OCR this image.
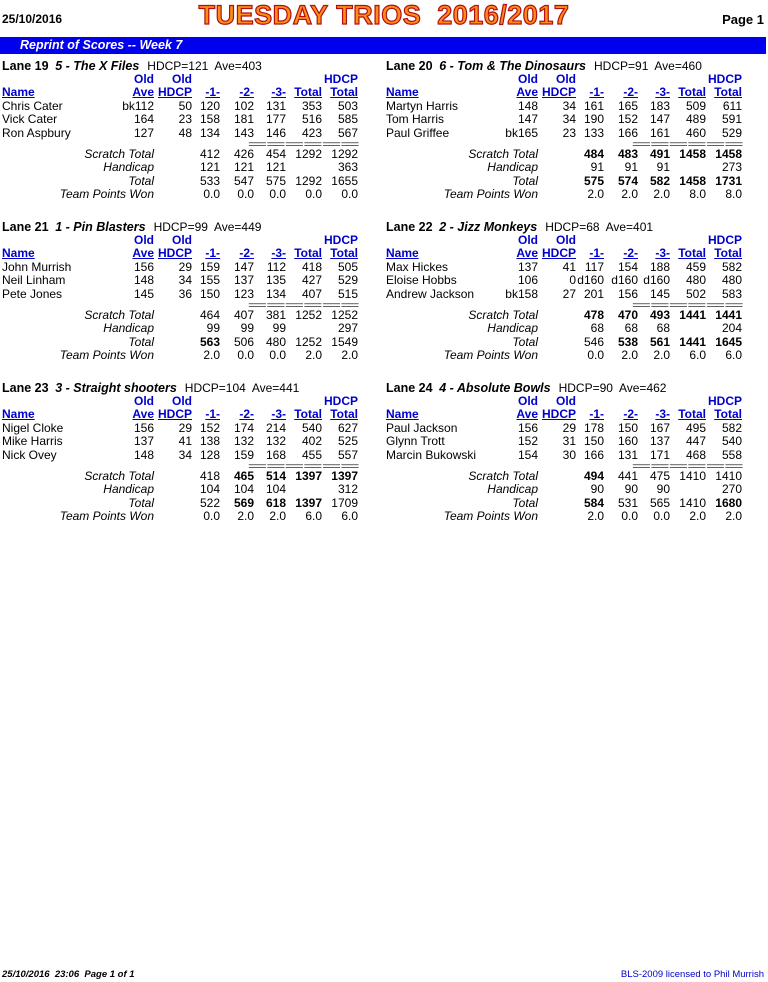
25/10/2016	TUESDAY TRIOS  2016/2017	Page 1
Reprint of Scores -- Week 7
Lane 19 5 - The X Files HDCP=121 Ave=403
	Old	Old					HDCP
Name	Ave	HDCP	-1-	-2-	-3-	Total	Total
Chris Cater	bk112	50	120	102	131	353	503
Vick Cater	164	23	158	181	177	516	585
Ron Aspbury	127	48	134	143	146	423	567
			==== ==== ==== ==== ==== ====				
Scratch Total			412	426	454	1292	1292
Handicap			121	121	121		363
Total			533	547	575	1292	1655
Team Points Won			0.0	0.0	0.0	0.0	0.0
Lane 20 6 - Tom & The Dinosaurs HDCP=91 Ave=460
	Old	Old					HDCP
Name	Ave	HDCP	-1-	-2-	-3-	Total	Total
Martyn Harris	148	34	161	165	183	509	611
Tom Harris	147	34	190	152	147	489	591
Paul Griffee	bk165	23	133	166	161	460	529
			==== ==== ==== ==== ==== ====				
Scratch Total			484	483	491	1458	1458
Handicap			91	91	91		273
Total			575	574	582	1458	1731
Team Points Won			2.0	2.0	2.0	8.0	8.0
Lane 21 1 - Pin Blasters HDCP=99 Ave=449
	Old	Old					HDCP
Name	Ave	HDCP	-1-	-2-	-3-	Total	Total
John Murrish	156	29	159	147	112	418	505
Neil Linham	148	34	155	137	135	427	529
Pete Jones	145	36	150	123	134	407	515
			==== ==== ==== ==== ==== ====				
Scratch Total			464	407	381	1252	1252
Handicap			99	99	99		297
Total			563	506	480	1252	1549
Team Points Won			2.0	0.0	0.0	2.0	2.0
Lane 22 2 - Jizz Monkeys HDCP=68 Ave=401
	Old	Old					HDCP
Name	Ave	HDCP	-1-	-2-	-3-	Total	Total
Max Hickes	137	41	117	154	188	459	582
Eloise Hobbs	106	0	d160	d160	d160	480	480
Andrew Jackson	bk158	27	201	156	145	502	583
			==== ==== ==== ==== ==== ====				
Scratch Total			478	470	493	1441	1441
Handicap			68	68	68		204
Total			546	538	561	1441	1645
Team Points Won			0.0	2.0	2.0	6.0	6.0
Lane 23 3 - Straight shooters HDCP=104 Ave=441
	Old	Old					HDCP
Name	Ave	HDCP	-1-	-2-	-3-	Total	Total
Nigel Cloke	156	29	152	174	214	540	627
Mike Harris	137	41	138	132	132	402	525
Nick Ovey	148	34	128	159	168	455	557
			==== ==== ==== ==== ==== ====				
Scratch Total			418	465	514	1397	1397
Handicap			104	104	104		312
Total			522	569	618	1397	1709
Team Points Won			0.0	2.0	2.0	6.0	6.0
Lane 24 4 - Absolute Bowls HDCP=90 Ave=462
	Old	Old					HDCP
Name	Ave	HDCP	-1-	-2-	-3-	Total	Total
Paul Jackson	156	29	178	150	167	495	582
Glynn Trott	152	31	150	160	137	447	540
Marcin Bukowski	154	30	166	131	171	468	558
			==== ==== ==== ==== ==== ====				
Scratch Total			494	441	475	1410	1410
Handicap			90	90	90		270
Total			584	531	565	1410	1680
Team Points Won			2.0	0.0	0.0	2.0	2.0
25/10/2016  23:06  Page 1 of 1	BLS-2009 licensed to Phil Murrish
